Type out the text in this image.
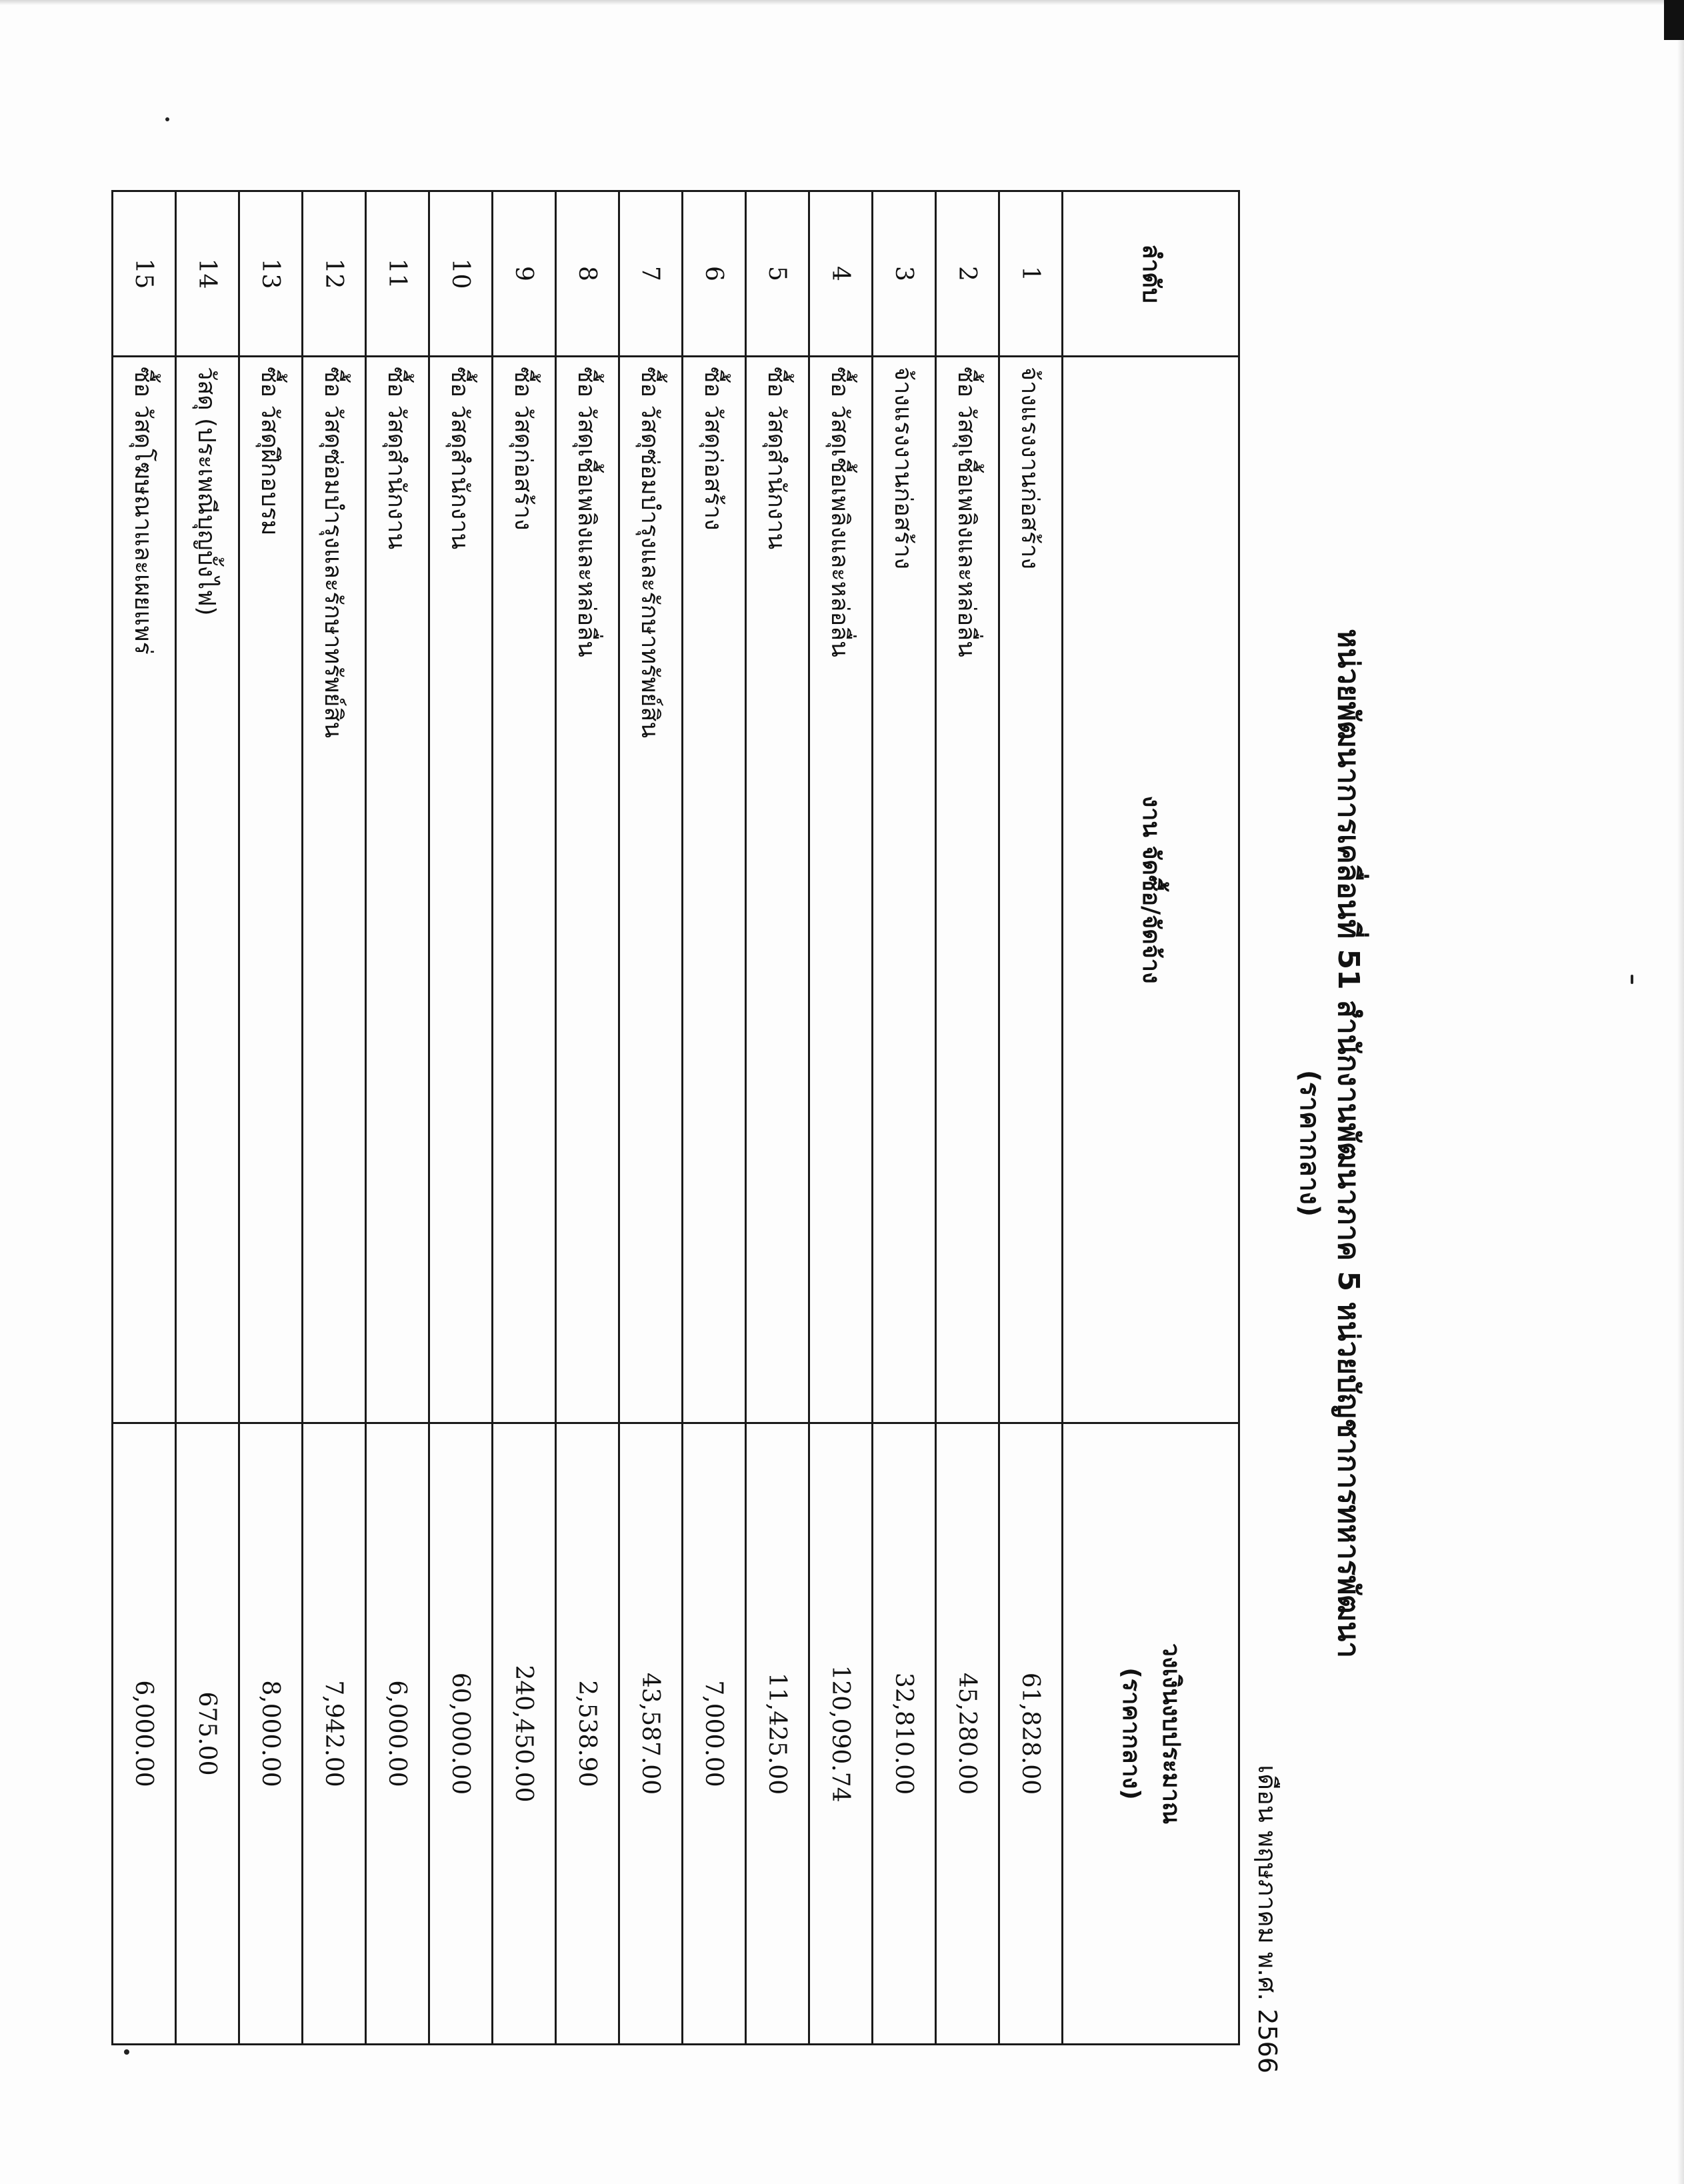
หน่วยพัฒนาการเคลื่อนที่ 51 สำนักงานพัฒนาภาค 5 หน่วยบัญชาการทหารพัฒนา
(ราคากลาง)
เดือน พฤษภาคม พ.ศ. 2566
ลำดับ	งาน จัดซื้อ/จัดจ้าง	วงเงินงบประมาณ
(ราคากลาง)

1	จ้างแรงงานก่อสร้าง	61,828.00
2	ซื้อ วัสดุเชื้อเพลิงและหล่อลื่น	45,280.00
3	จ้างแรงงานก่อสร้าง	32,810.00
4	ซื้อ วัสดุเชื้อเพลิงและหล่อลื่น	120,090.74
5	ซื้อ วัสดุสำนักงาน	11,425.00
6	ซื้อ วัสดุก่อสร้าง	7,000.00
7	ซื้อ วัสดุซ่อมบำรุงและรักษาทรัพย์สิน	43,587.00
8	ซื้อ วัสดุเชื้อเพลิงและหล่อลื่น	2,538.90
9	ซื้อ วัสดุก่อสร้าง	240,450.00
10	ซื้อ วัสดุสำนักงาน	60,000.00
11	ซื้อ วัสดุสำนักงาน	6,000.00
12	ซื้อ วัสดุซ่อมบำรุงและรักษาทรัพย์สิน	7,942.00
13	ซื้อ วัสดุฝึกอบรม	8,000.00
14	วัสดุ (ประเพณีบุญบั้งไฟ)	675.00
15	ซื้อ วัสดุโฆษณาและเผยแพร่	6,000.00
